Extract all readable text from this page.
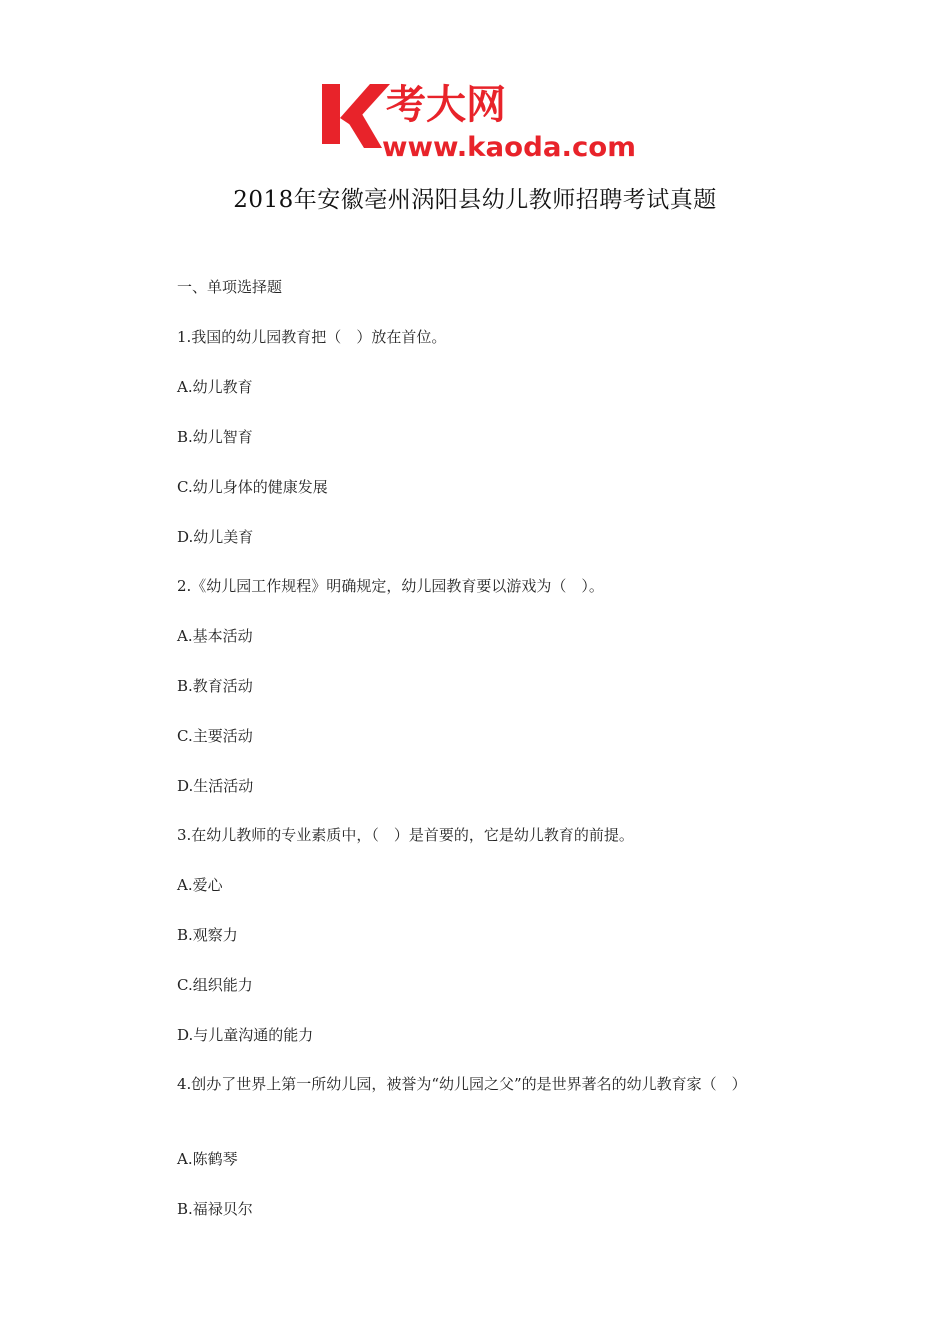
考大网
www.kaoda.com
2018年安徽亳州涡阳县幼儿教师招聘考试真题
一、单项选择题
1.我国的幼儿园教育把（　）放在首位。
A.幼儿教育
B.幼儿智育
C.幼儿身体的健康发展
D.幼儿美育
2.《幼儿园工作规程》明确规定，幼儿园教育要以游戏为（　）。
A.基本活动
B.教育活动
C.主要活动
D.生活活动
3.在幼儿教师的专业素质中，（　）是首要的，它是幼儿教育的前提。
A.爱心
B.观察力
C.组织能力
D.与儿童沟通的能力
4.创办了世界上第一所幼儿园，被誉为“幼儿园之父”的是世界著名的幼儿教育家（　）
A.陈鹤琴
B.福禄贝尔
